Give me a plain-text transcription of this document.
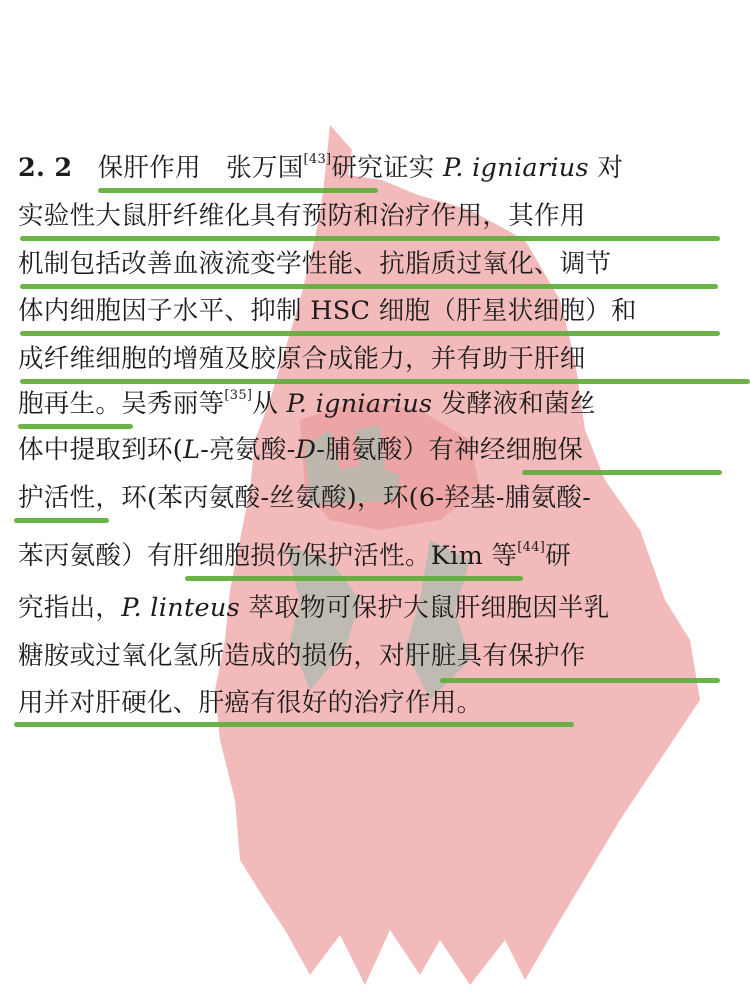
2. 2 保肝作用 张万国[43]研究证实 P. igniarius 对
实验性大鼠肝纤维化具有预防和治疗作用，其作用
机制包括改善血液流变学性能、抗脂质过氧化、调节
体内细胞因子水平、抑制 HSC 细胞（肝星状细胞）和
成纤维细胞的增殖及胶原合成能力，并有助于肝细
胞再生。吴秀丽等[35]从 P. igniarius 发酵液和菌丝
体中提取到环(L-亮氨酸-D-脯氨酸）有神经细胞保
护活性，环(苯丙氨酸-丝氨酸)，环(6-羟基-脯氨酸-
苯丙氨酸）有肝细胞损伤保护活性。Kim 等[44]研
究指出，P. linteus 萃取物可保护大鼠肝细胞因半乳
糖胺或过氧化氢所造成的损伤，对肝脏具有保护作
用并对肝硬化、肝癌有很好的治疗作用。
